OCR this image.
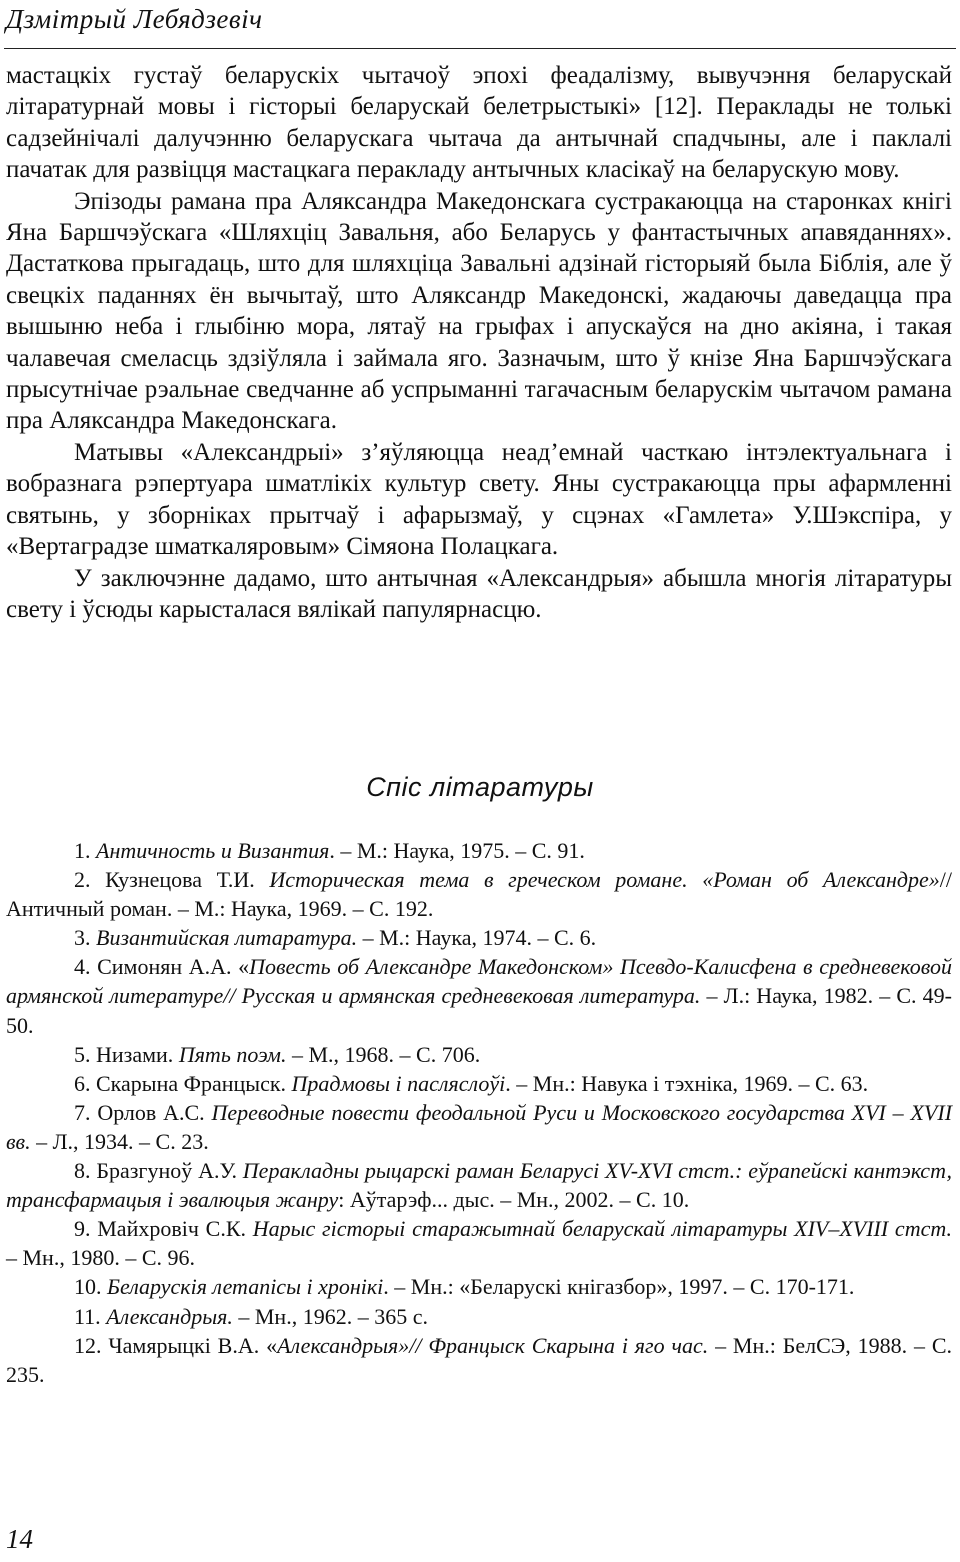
Дзмітрый Лебядзевіч

мастацкіх густаў беларускіх чытачоў эпохі феадалізму, вывучэння беларускай літаратурнай мовы і гісторыі беларускай белетрыстыкі» [12]. Пераклады не толькі садзейнічалі далучэнню беларускага чытача да антычнай спадчыны, але і паклалі пачатак для развіцця мастацкага перакладу антычных класікаў на беларускую мову.

Эпізоды рамана пра Аляксандра Македонскага сустракаюцца на старонках кнігі Яна Баршчэўскага «Шляхціц Завальня, або Беларусь у фантастычных апавяданнях». Дастаткова прыгадаць, што для шляхціца Завальні адзінай гісторыяй была Біблія, але ў свецкіх паданнях ён вычытаў, што Аляксандр Македонскі, жадаючы даведацца пра вышыню неба і глыбіню мора, лятаў на грыфах і апускаўся на дно акіяна, і такая чалавечая смеласць здзіўляла і займала яго. Зазначым, што ў кнізе Яна Баршчэўскага прысутнічае рэальнае сведчанне аб успрыманні тагачасным беларускім чытачом рамана пра Аляксандра Македонскага.

Матывы «Александрыі» з’яўляюцца неад’емнай часткаю інтэлектуальнага і вобразнага рэпертуара шматлікіх культур свету. Яны сустракаюцца пры афармленні святынь, у зборніках прытчаў і афарызмаў, у сцэнах «Гамлета» У.Шэкспіра, у «Вертаградзе шматкаляровым» Сімяона Полацкага.

У заключэнне дадамо, што антычная «Александрыя» абышла многія літаратуры свету і ўсюды карысталася вялікай папулярнасцю.

Спіс літаратуры
1. Античность и Византия. – М.: Наука, 1975. – С. 91.
2. Кузнецова Т.И. Историческая тема в греческом романе. «Роман об Александре»// Античный роман. – М.: Наука, 1969. – С. 192.
3. Византийская литаратура. – М.: Наука, 1974. – С. 6.
4. Симонян А.А. «Повесть об Александре Македонском» Псевдо-Калисфена в средневековой армянской литературе// Русская и армянская средневековая литература. – Л.: Наука, 1982. – С. 49-50.
5. Низами. Пять поэм. – М., 1968. – С. 706.
6. Скарына Францыск. Прадмовы і пасляслоўі. – Мн.: Навука і тэхніка, 1969. – С. 63.
7. Орлов А.С. Переводные повести феодальной Руси и Московского государства XVI – XVII вв. – Л., 1934. – С. 23.
8. Бразгуноў А.У. Перакладны рыцарскі раман Беларусі XV-XVI стст.: еўрапейскі кантэкст, трансфармацыя і эвалюцыя жанру: Аўтарэф... дыс. – Мн., 2002. – С. 10.
9. Майхровіч С.К. Нарыс гісторыі старажытнай беларускай літаратуры XIV–XVIII стст. – Мн., 1980. – С. 96.
10. Беларускія летапісы і хронікі. – Мн.: «Беларускі кнігазбор», 1997. – С. 170-171.
11. Александрыя. – Мн., 1962. – 365 с.
12. Чамярыцкі В.А. «Александрыя»// Францыск Скарына і яго час. – Мн.: БелСЭ, 1988. – С. 235.
14
